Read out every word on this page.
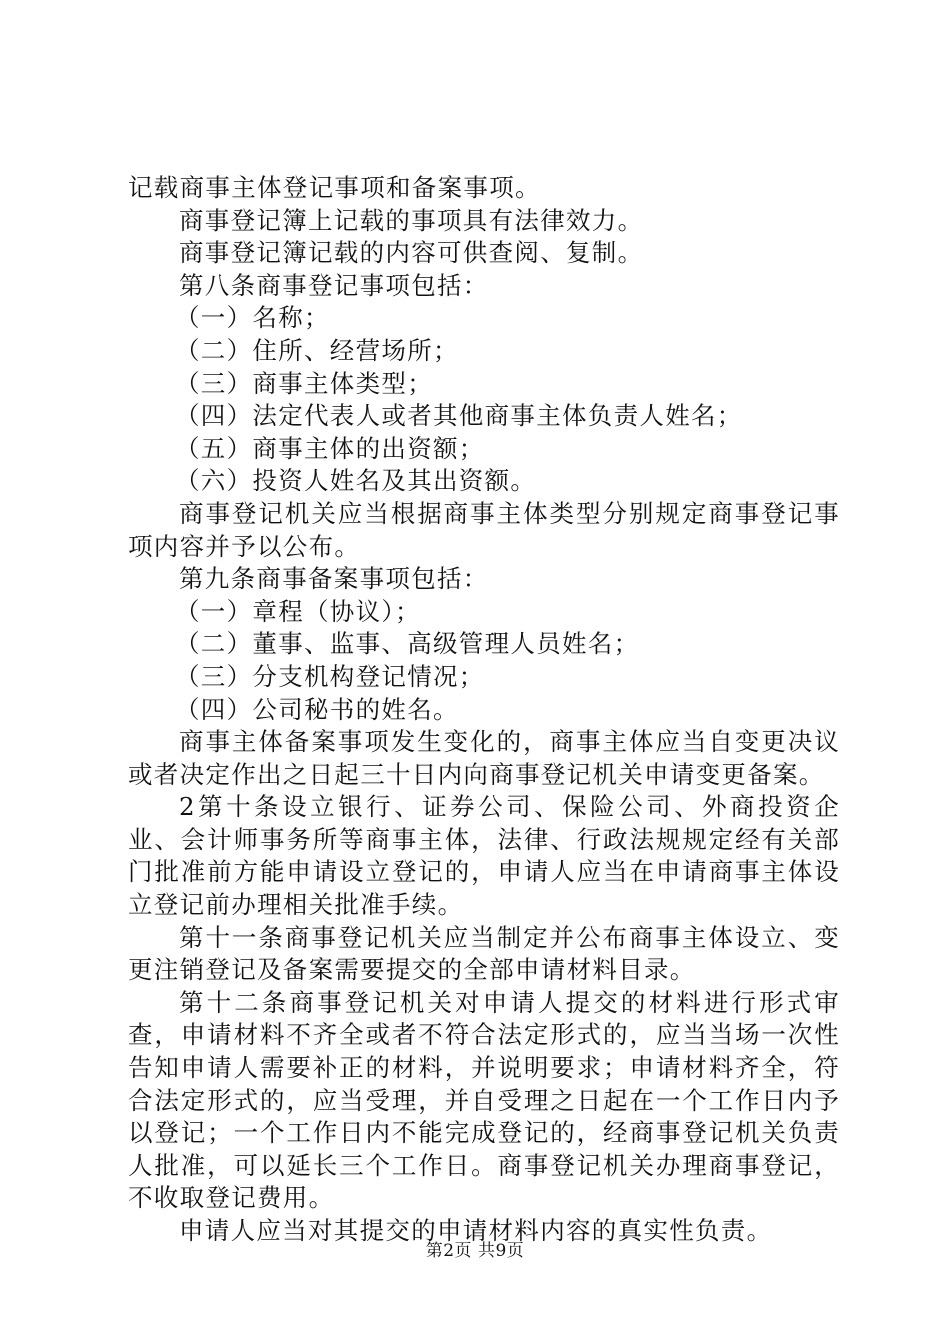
记载商事主体登记事项和备案事项。

商事登记簿上记载的事项具有法律效力。

商事登记簿记载的内容可供查阅、复制。

第八条商事登记事项包括：

（一）名称；

（二）住所、经营场所；

（三）商事主体类型；

（四）法定代表人或者其他商事主体负责人姓名；

（五）商事主体的出资额；

（六）投资人姓名及其出资额。

商事登记机关应当根据商事主体类型分别规定商事登记事项内容并予以公布。

第九条商事备案事项包括：

（一）章程（协议）；

（二）董事、监事、高级管理人员姓名；

（三）分支机构登记情况；

（四）公司秘书的姓名。

商事主体备案事项发生变化的，商事主体应当自变更决议或者决定作出之日起三十日内向商事登记机关申请变更备案。

2第十条设立银行、证券公司、保险公司、外商投资企业、会计师事务所等商事主体，法律、行政法规规定经有关部门批准前方能申请设立登记的，申请人应当在申请商事主体设立登记前办理相关批准手续。

第十一条商事登记机关应当制定并公布商事主体设立、变更注销登记及备案需要提交的全部申请材料目录。

第十二条商事登记机关对申请人提交的材料进行形式审查，申请材料不齐全或者不符合法定形式的，应当当场一次性告知申请人需要补正的材料，并说明要求；申请材料齐全，符合法定形式的，应当受理，并自受理之日起在一个工作日内予以登记；一个工作日内不能完成登记的，经商事登记机关负责人批准，可以延长三个工作日。商事登记机关办理商事登记，不收取登记费用。

申请人应当对其提交的申请材料内容的真实性负责。

第2页 共9页
